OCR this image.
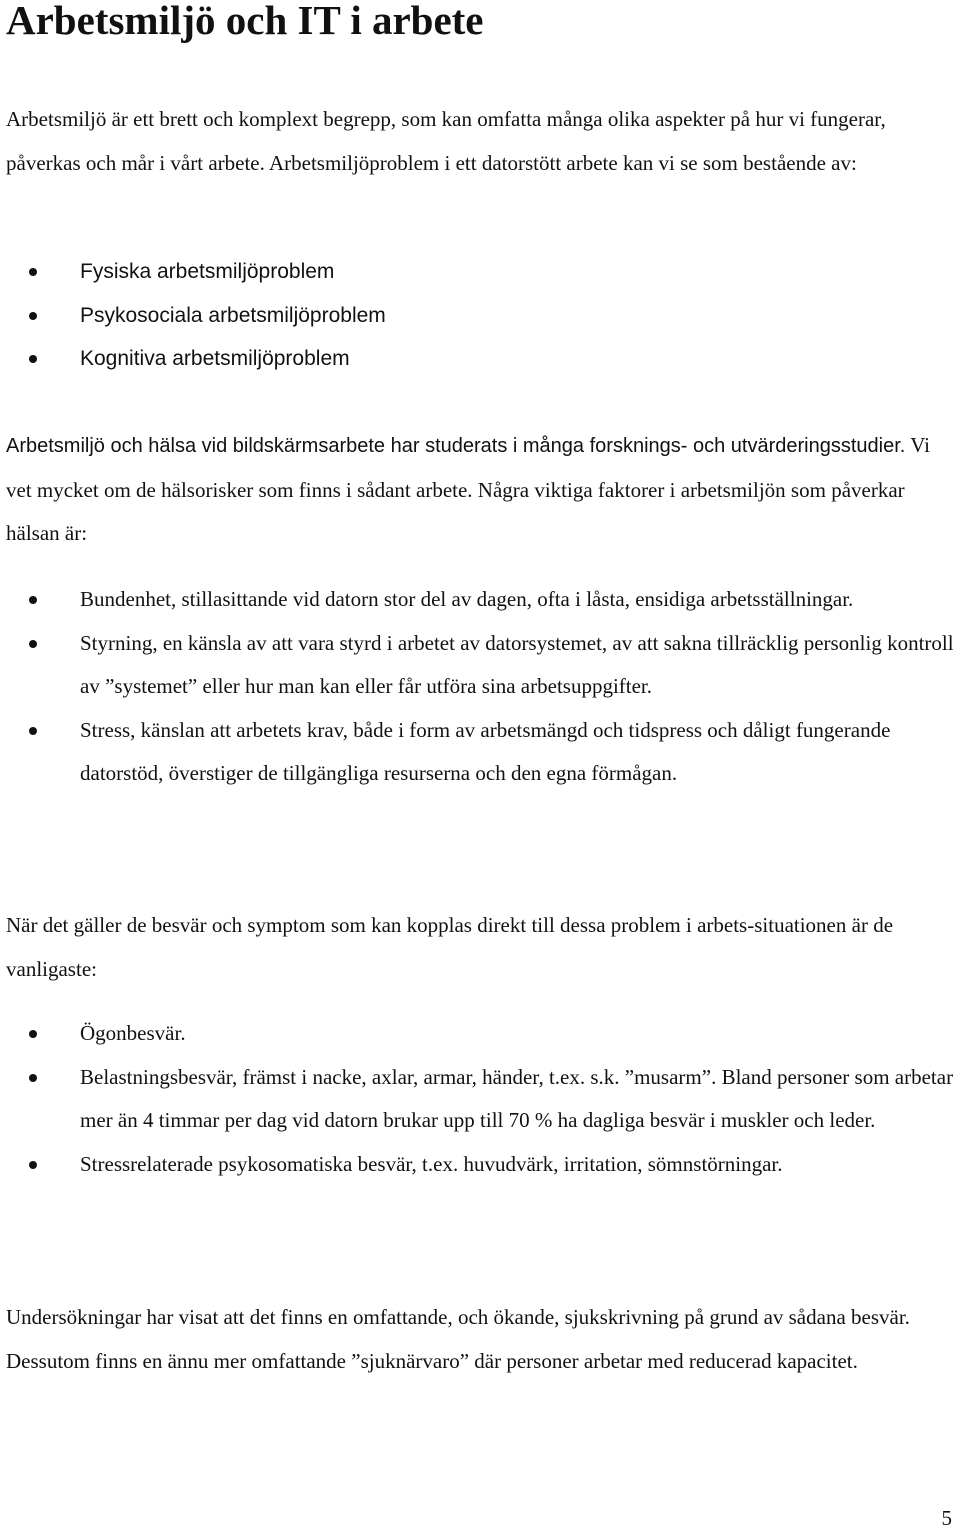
Arbetsmiljö och IT i arbete

Arbetsmiljö är ett brett och komplext begrepp, som kan omfatta många olika aspekter på hur vi fungerar, påverkas och mår i vårt arbete. Arbetsmiljöproblem i ett datorstött arbete kan vi se som bestående av:

Fysiska arbetsmiljöproblem
Psykosociala arbetsmiljöproblem
Kognitiva arbetsmiljöproblem

Arbetsmiljö och hälsa vid bildskärmsarbete har studerats i många forsknings- och utvärderingsstudier. Vi vet mycket om de hälsorisker som finns i sådant arbete. Några viktiga faktorer i arbetsmiljön som påverkar hälsan är:

Bundenhet, stillasittande vid datorn stor del av dagen, ofta i låsta, ensidiga arbetsställningar.
Styrning, en känsla av att vara styrd i arbetet av datorsystemet, av att sakna tillräcklig personlig kontroll av ”systemet” eller hur man kan eller får utföra sina arbetsuppgifter.
Stress, känslan att arbetets krav, både i form av arbetsmängd och tidspress och dåligt fungerande datorstöd, överstiger de tillgängliga resurserna och den egna förmågan.

När det gäller de besvär och symptom som kan kopplas direkt till dessa problem i arbets-situationen är de vanligaste:

Ögonbesvär.
Belastningsbesvär, främst i nacke, axlar, armar, händer, t.ex. s.k. ”musarm”. Bland personer som arbetar mer än 4 timmar per dag vid datorn brukar upp till 70 % ha dagliga besvär i muskler och leder.
Stressrelaterade psykosomatiska besvär, t.ex. huvudvärk, irritation, sömnstörningar.

Undersökningar har visat att det finns en omfattande, och ökande, sjukskrivning på grund av sådana besvär. Dessutom finns en ännu mer omfattande ”sjuknärvaro” där personer arbetar med reducerad kapacitet.

5
